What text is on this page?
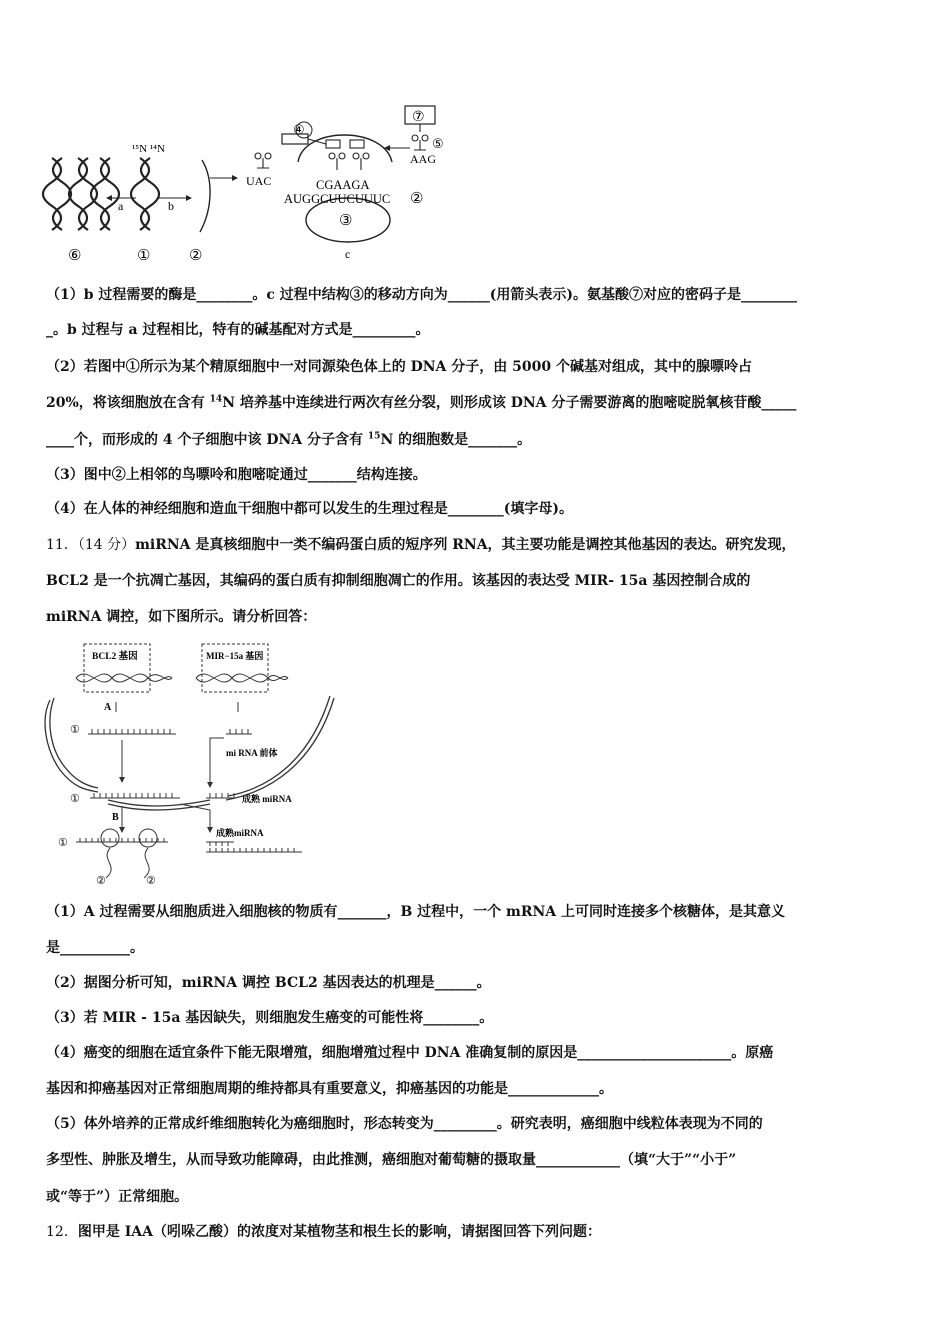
a
¹⁵N ¹⁴N
b
⑥	①	②
③
AUGGCUUCUUUC
CGAAGA
②
UAC
④
⑦
⑤
AAG
c
（1）b 过程需要的酶是________。c 过程中结构③的移动方向为______(用箭头表示)。氨基酸⑦对应的密码子是________
_。b 过程与 a 过程相比，特有的碱基配对方式是_________。
（2）若图中①所示为某个精原细胞中一对同源染色体上的 DNA 分子，由 5000 个碱基对组成，其中的腺嘌呤占
20%，将该细胞放在含有 $^{14}$N 培养基中连续进行两次有丝分裂，则形成该 DNA 分子需要游离的胞嘧啶脱氧核苷酸_____
____个，而形成的 4 个子细胞中该 DNA 分子含有 $^{15}$N 的细胞数是_______。
（3）图中②上相邻的鸟嘌呤和胞嘧啶通过_______结构连接。
（4）在人体的神经细胞和造血干细胞中都可以发生的生理过程是________(填字母)。
11．（14 分）miRNA 是真核细胞中一类不编码蛋白质的短序列 RNA，其主要功能是调控其他基因的表达。研究发现，
BCL2 是一个抗凋亡基因，其编码的蛋白质有抑制细胞凋亡的作用。该基因的表达受 MIR- 15a 基因控制合成的
miRNA 调控，如下图所示。请分析回答：
BCL2 基因	MIR−15a 基因
A
①
mi RNA 前体
①	成熟 miRNA
B
①
②	②
成熟miRNA
（1）A 过程需要从细胞质进入细胞核的物质有_______，B 过程中，一个 mRNA 上可同时连接多个核糖体，是其意义
是__________。
（2）据图分析可知，miRNA 调控 BCL2 基因表达的机理是______。
（3）若 MIR - 15a 基因缺失，则细胞发生癌变的可能性将________。
（4）癌变的细胞在适宜条件下能无限增殖，细胞增殖过程中 DNA 准确复制的原因是______________________。原癌
基因和抑癌基因对正常细胞周期的维持都具有重要意义，抑癌基因的功能是_____________。
（5）体外培养的正常成纤维细胞转化为癌细胞时，形态转变为_________。研究表明，癌细胞中线粒体表现为不同的
多型性、肿胀及增生，从而导致功能障碍，由此推测，癌细胞对葡萄糖的摄取量____________（填“大于”“小于”
或“等于”）正常细胞。
12．图甲是 IAA（吲哚乙酸）的浓度对某植物茎和根生长的影响，请据图回答下列问题：
